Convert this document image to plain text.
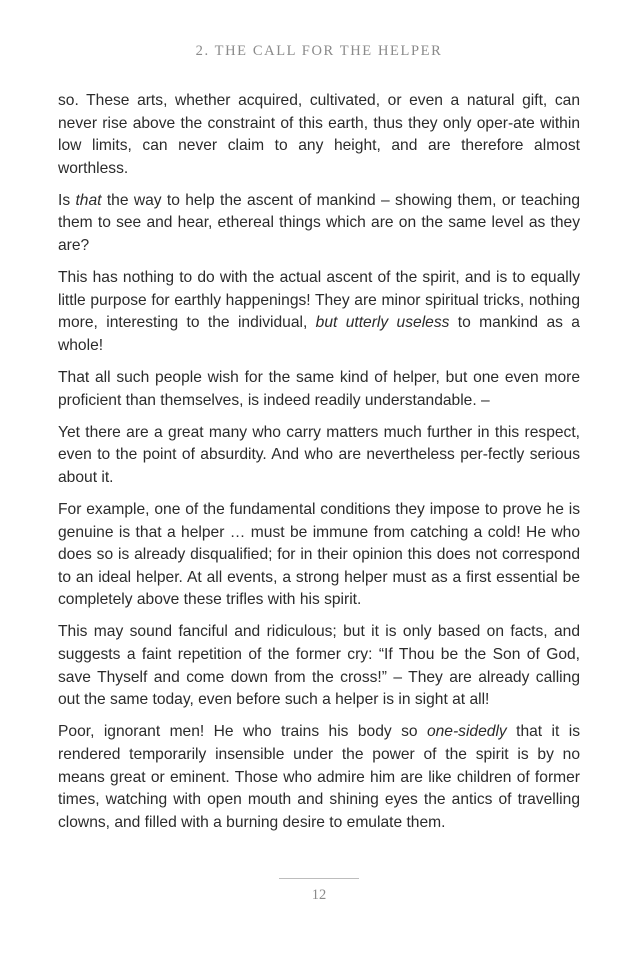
2. THE CALL FOR THE HELPER

so. These arts, whether acquired, cultivated, or even a natural gift, can never rise above the constraint of this earth, thus they only oper-ate within low limits, can never claim to any height, and are therefore almost worthless.

Is that the way to help the ascent of mankind – showing them, or teaching them to see and hear, ethereal things which are on the same level as they are?

This has nothing to do with the actual ascent of the spirit, and is to equally little purpose for earthly happenings! They are minor spiritual tricks, nothing more, interesting to the individual, but utterly useless to mankind as a whole!

That all such people wish for the same kind of helper, but one even more proficient than themselves, is indeed readily understandable. –

Yet there are a great many who carry matters much further in this respect, even to the point of absurdity. And who are nevertheless per-fectly serious about it.

For example, one of the fundamental conditions they impose to prove he is genuine is that a helper … must be immune from catching a cold! He who does so is already disqualified; for in their opinion this does not correspond to an ideal helper. At all events, a strong helper must as a first essential be completely above these trifles with his spirit.

This may sound fanciful and ridiculous; but it is only based on facts, and suggests a faint repetition of the former cry: “If Thou be the Son of God, save Thyself and come down from the cross!” – They are already calling out the same today, even before such a helper is in sight at all!

Poor, ignorant men! He who trains his body so one-sidedly that it is rendered temporarily insensible under the power of the spirit is by no means great or eminent. Those who admire him are like children of former times, watching with open mouth and shining eyes the antics of travelling clowns, and filled with a burning desire to emulate them.

12
